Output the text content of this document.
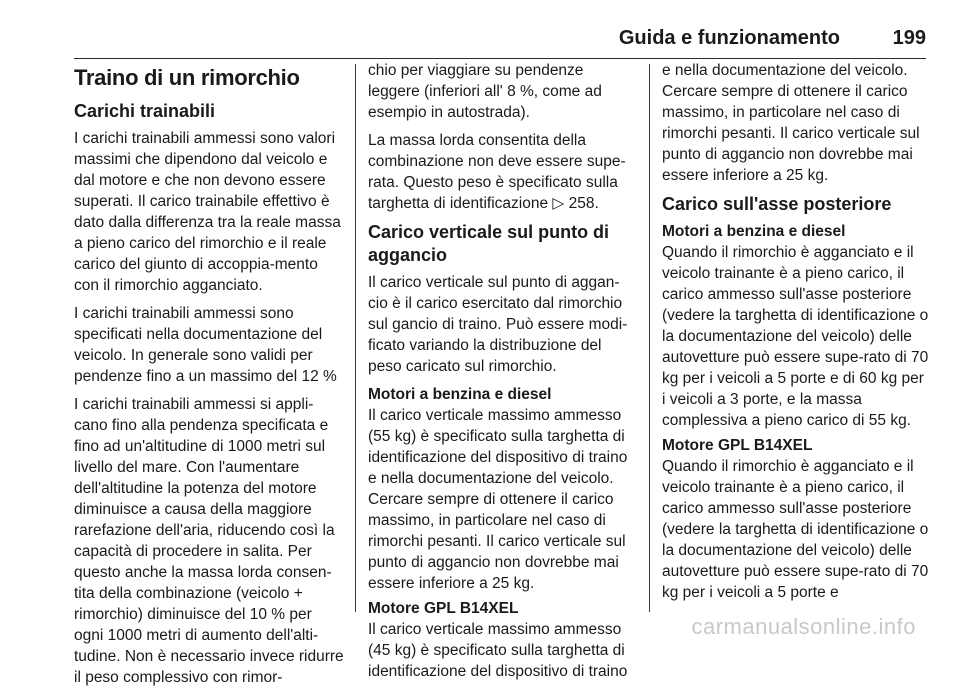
Guida e funzionamento	199
Traino di un rimorchio
Carichi trainabili

I carichi trainabili ammessi sono valori massimi che dipendono dal veicolo e dal motore e che non devono essere superati. Il carico trainabile effettivo è dato dalla differenza tra la reale massa a pieno carico del rimorchio e il reale carico del giunto di accoppia-mento con il rimorchio agganciato.

I carichi trainabili ammessi sono specificati nella documentazione del veicolo. In generale sono validi per pendenze fino a un massimo del 12 %

I carichi trainabili ammessi si appli-cano fino alla pendenza specificata e fino ad un'altitudine di 1000 metri sul livello del mare. Con l'aumentare dell'altitudine la potenza del motore diminuisce a causa della maggiore rarefazione dell'aria, riducendo così la capacità di procedere in salita. Per questo anche la massa lorda consen-tita della combinazione (veicolo + rimorchio) diminuisce del 10 % per ogni 1000 metri di aumento dell'alti-tudine. Non è necessario invece ridurre il peso complessivo con rimor-

chio per viaggiare su pendenze leggere (inferiori all' 8 %, come ad esempio in autostrada).

La massa lorda consentita della combinazione non deve essere supe-rata. Questo peso è specificato sulla targhetta di identificazione ▷ 258.

Carico verticale sul punto di aggancio

Il carico verticale sul punto di aggan-cio è il carico esercitato dal rimorchio sul gancio di traino. Può essere modi-ficato variando la distribuzione del peso caricato sul rimorchio.

Motori a benzina e diesel

Il carico verticale massimo ammesso (55 kg) è specificato sulla targhetta di identificazione del dispositivo di traino e nella documentazione del veicolo. Cercare sempre di ottenere il carico massimo, in particolare nel caso di rimorchi pesanti. Il carico verticale sul punto di aggancio non dovrebbe mai essere inferiore a 25 kg.

Motore GPL B14XEL

Il carico verticale massimo ammesso (45 kg) è specificato sulla targhetta di identificazione del dispositivo di traino

e nella documentazione del veicolo. Cercare sempre di ottenere il carico massimo, in particolare nel caso di rimorchi pesanti. Il carico verticale sul punto di aggancio non dovrebbe mai essere inferiore a 25 kg.

Carico sull'asse posteriore
Motori a benzina e diesel

Quando il rimorchio è agganciato e il veicolo trainante è a pieno carico, il carico ammesso sull'asse posteriore (vedere la targhetta di identificazione o la documentazione del veicolo) delle autovetture può essere supe-rato di 70 kg per i veicoli a 5 porte e di 60 kg per i veicoli a 3 porte, e la massa complessiva a pieno carico di 55 kg.

Motore GPL B14XEL

Quando il rimorchio è agganciato e il veicolo trainante è a pieno carico, il carico ammesso sull'asse posteriore (vedere la targhetta di identificazione o la documentazione del veicolo) delle autovetture può essere supe-rato di 70 kg per i veicoli a 5 porte e

carmanualsonline.info
